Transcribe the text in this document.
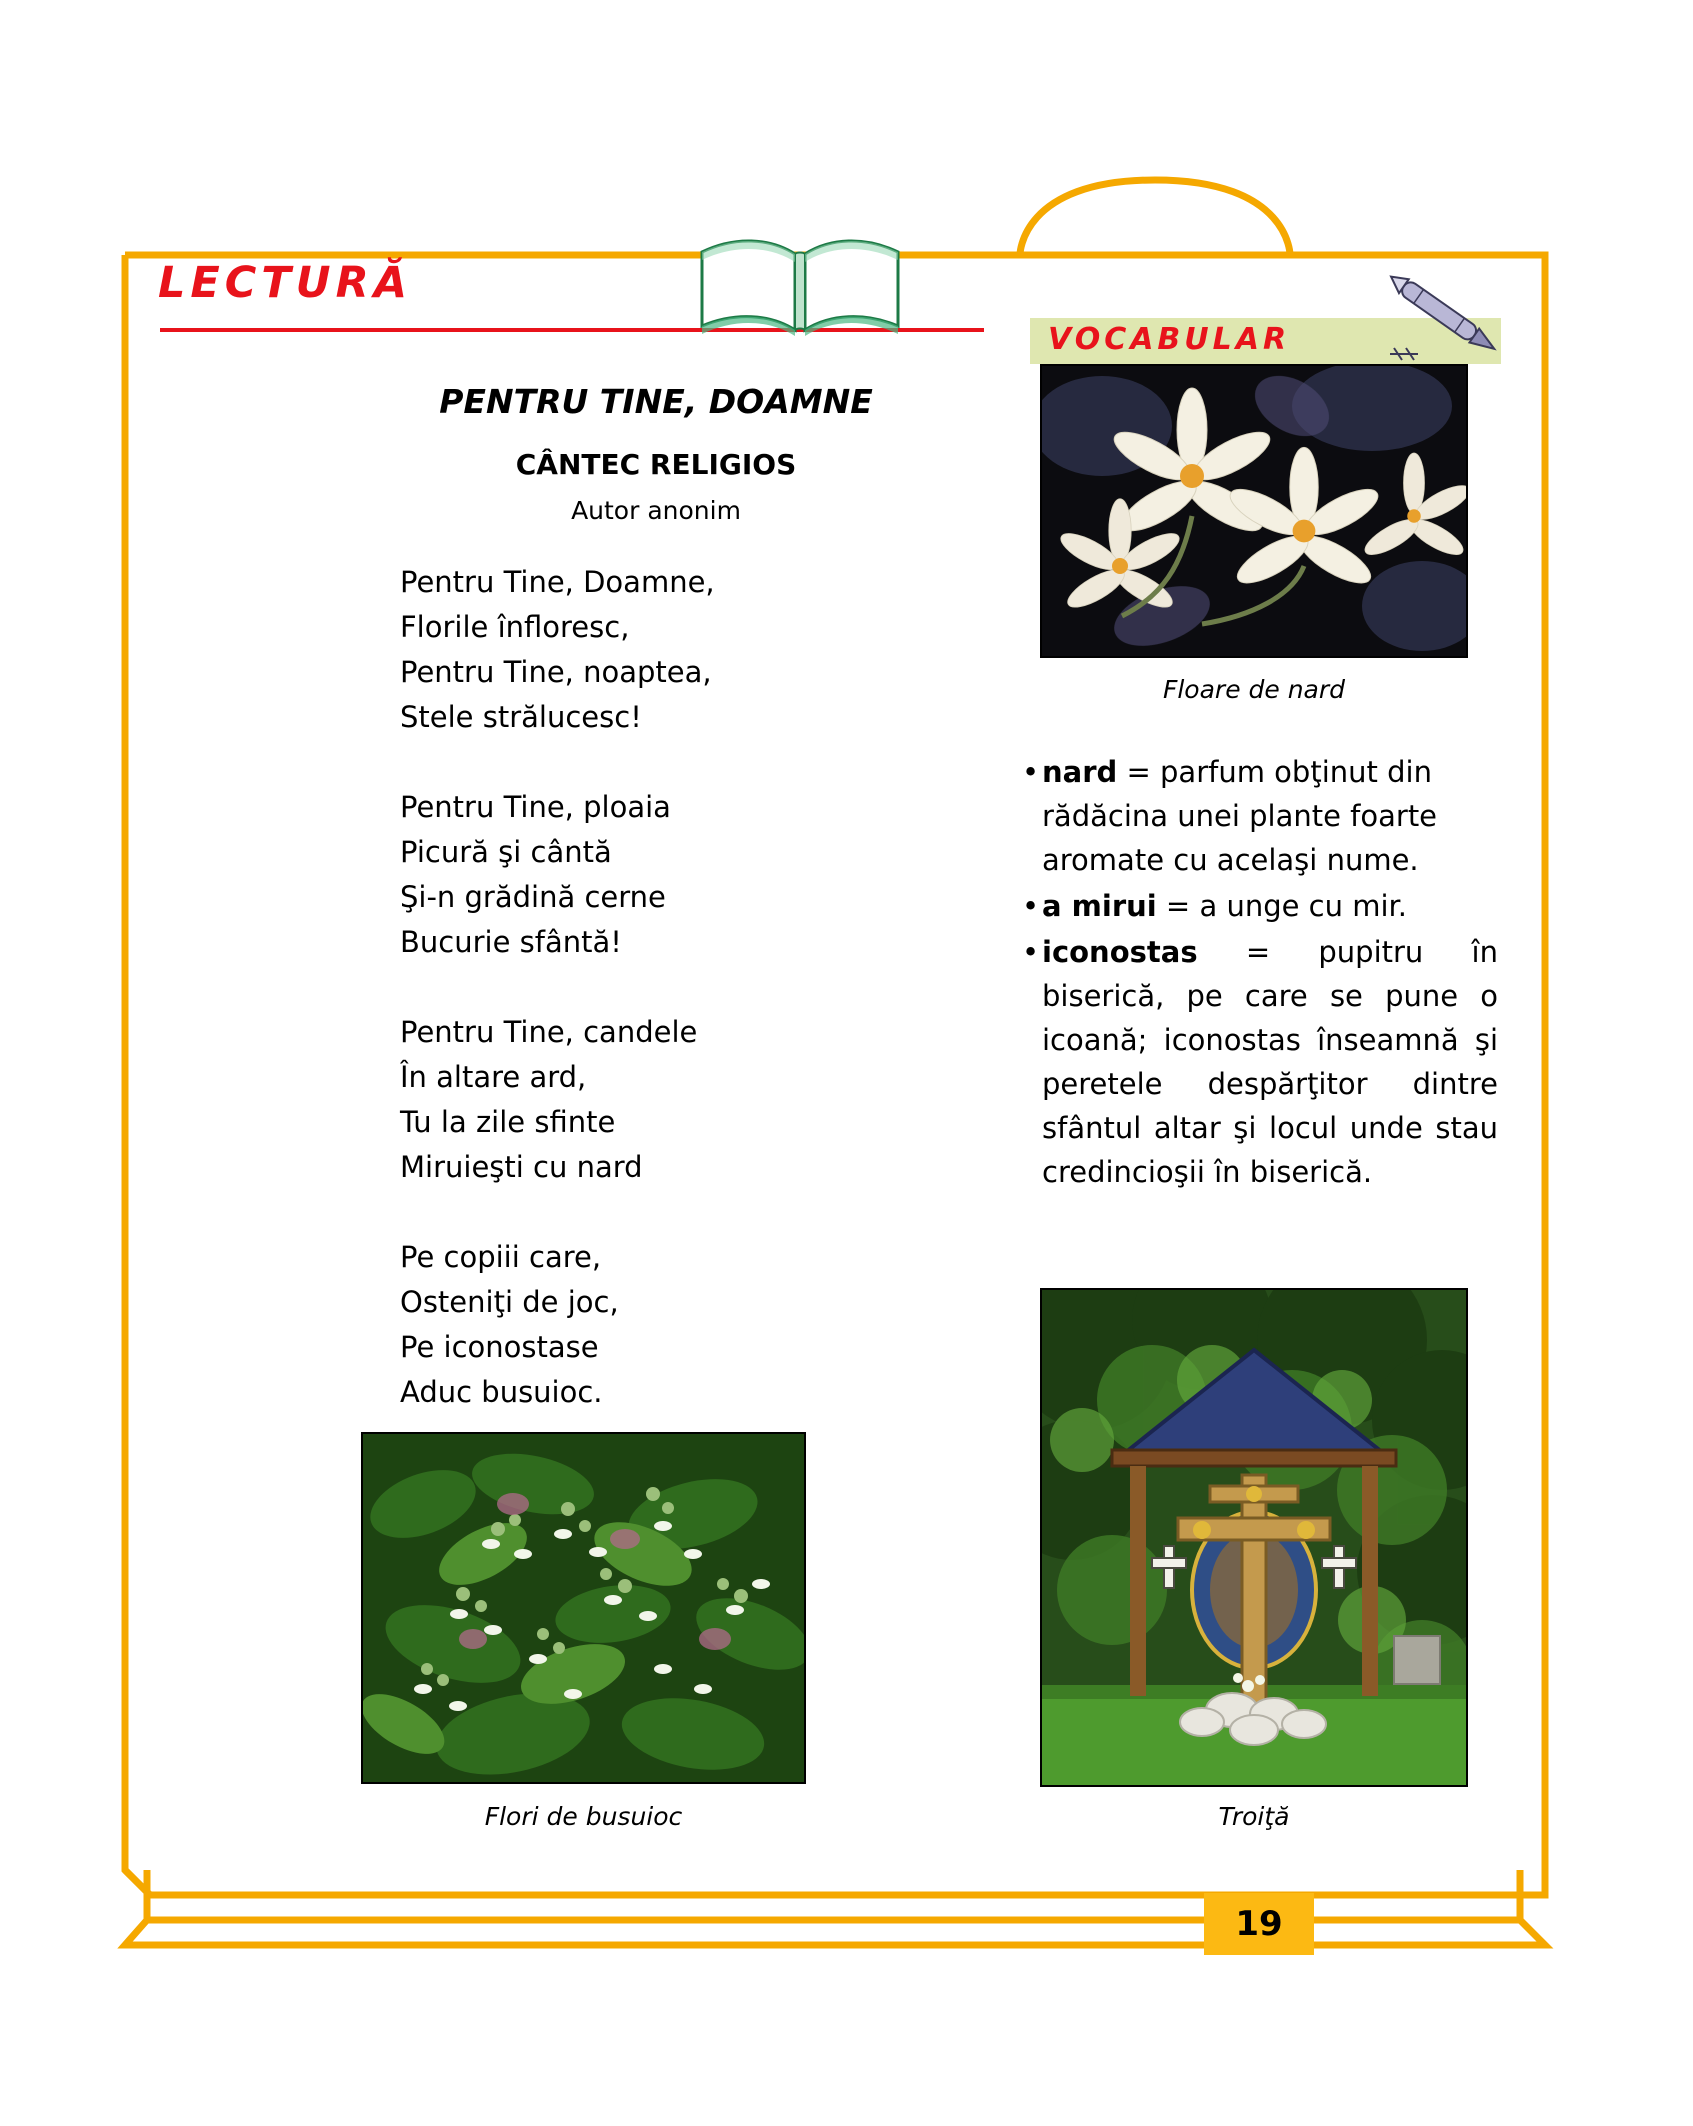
LECTURĂ
PENTRU TINE, DOAMNE
CÂNTEC RELIGIOS
Autor anonim
Pentru Tine, Doamne,
Florile înfloresc,
Pentru Tine, noaptea,
Stele strălucesc!
Pentru Tine, ploaia
Picură şi cântă
Şi-n grădină cerne
Bucurie sfântă!
Pentru Tine, candele
În altare ard,
Tu la zile sfinte
Miruieşti cu nard
Pe copiii care,
Osteniţi de joc,
Pe iconostase
Aduc busuioc.
Flori de busuioc
VOCABULAR
Floare de nard
• nard = parfum obţinut din rădăcina unei plante foarte aromate cu acelaşi nume.
• a mirui = a unge cu mir.
• iconostas = pupitru în biserică, pe care se pune o icoană; iconostas înseamnă şi peretele despărţitor dintre sfântul altar şi locul unde stau credincioşii în biserică.
Troiţă
19
